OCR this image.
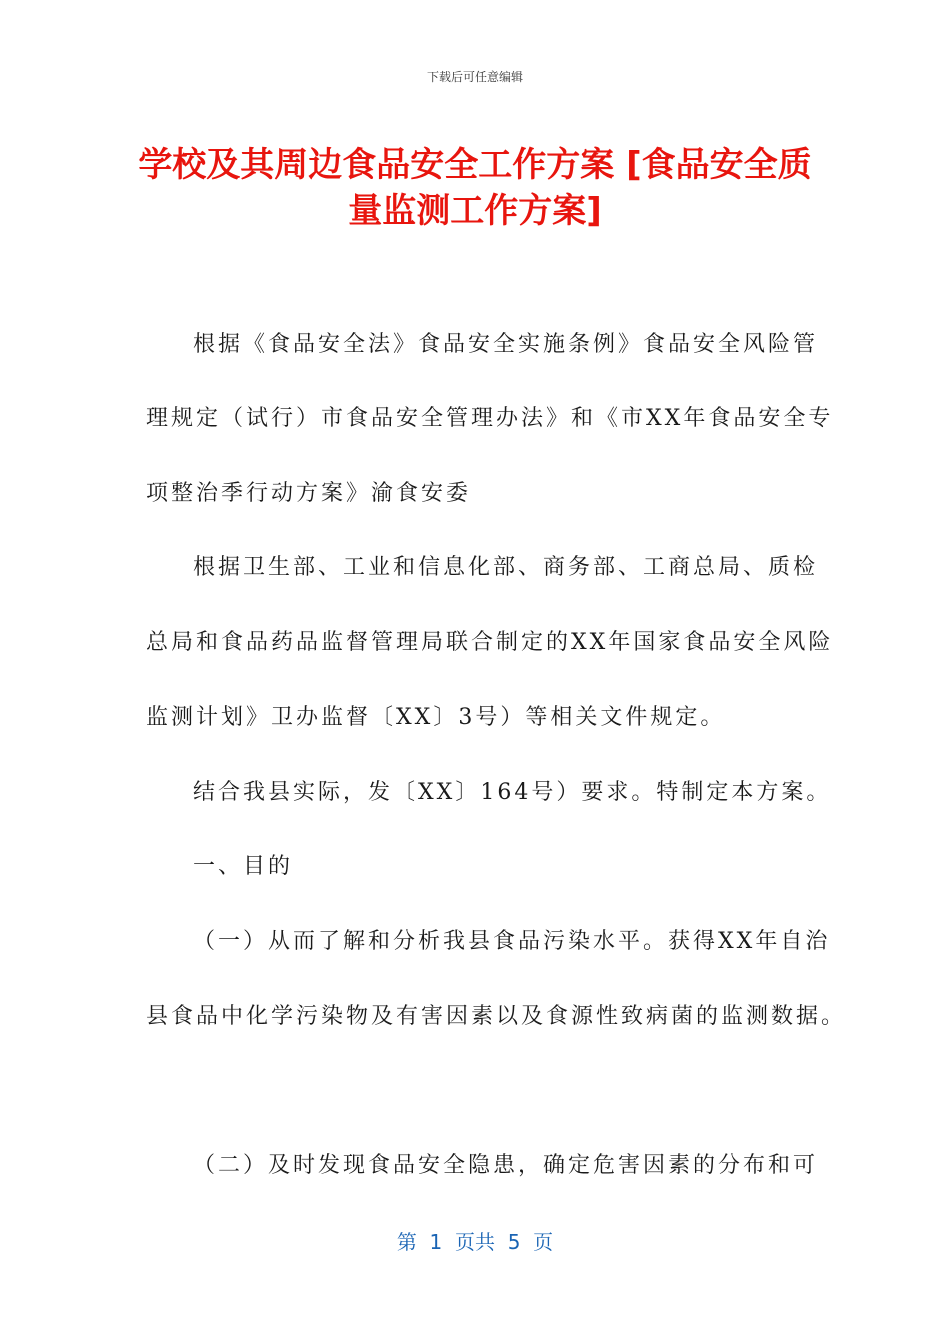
下载后可任意编辑
学校及其周边食品安全工作方案 [食品安全质
量监测工作方案]
根据《食品安全法》食品安全实施条例》食品安全风险管
理规定（试行）市食品安全管理办法》和《市XX年食品安全专
项整治季行动方案》渝食安委
根据卫生部、工业和信息化部、商务部、工商总局、质检
总局和食品药品监督管理局联合制定的XX年国家食品安全风险
监测计划》卫办监督〔XX〕3号）等相关文件规定。
结合我县实际，发〔XX〕164号）要求。特制定本方案。
一、目的
（一）从而了解和分析我县食品污染水平。获得XX年自治
县食品中化学污染物及有害因素以及食源性致病菌的监测数据。
（二）及时发现食品安全隐患，确定危害因素的分布和可
第  1  页共  5  页
